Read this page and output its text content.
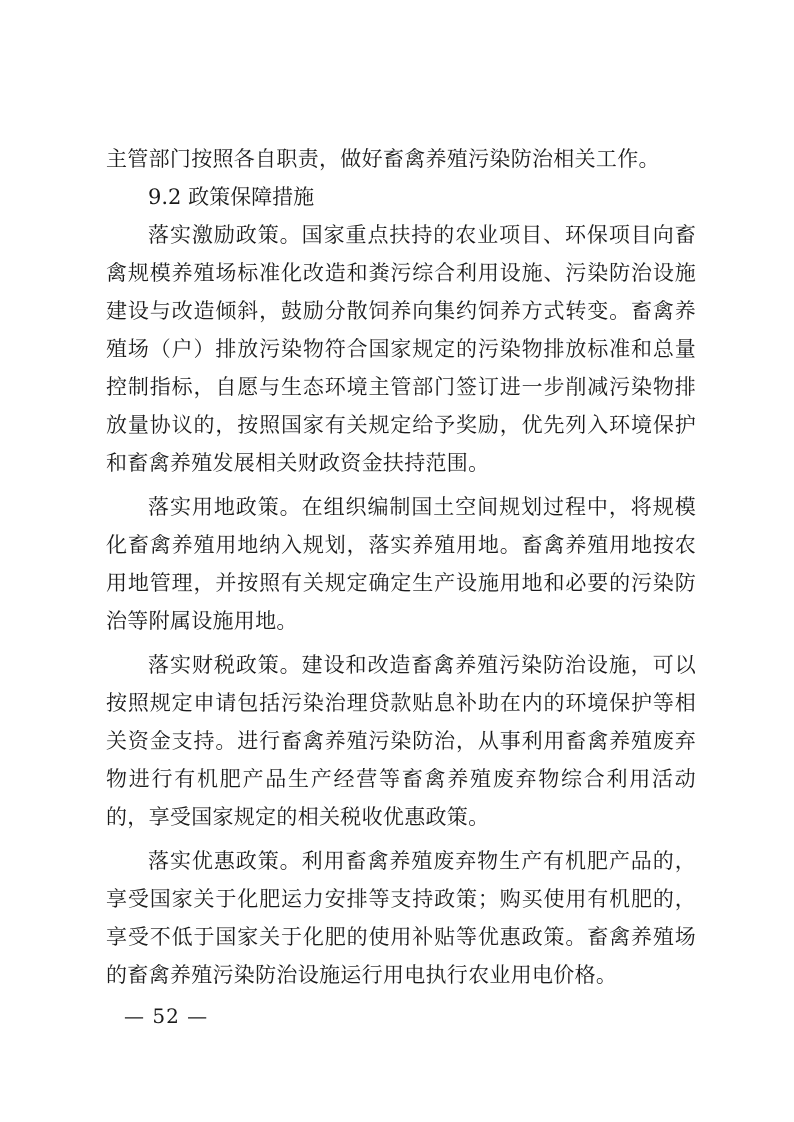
主管部门按照各自职责，做好畜禽养殖污染防治相关工作。

9.2 政策保障措施

落实激励政策。国家重点扶持的农业项目、环保项目向畜禽规模养殖场标准化改造和粪污综合利用设施、污染防治设施建设与改造倾斜，鼓励分散饲养向集约饲养方式转变。畜禽养殖场（户）排放污染物符合国家规定的污染物排放标准和总量控制指标，自愿与生态环境主管部门签订进一步削减污染物排放量协议的，按照国家有关规定给予奖励，优先列入环境保护和畜禽养殖发展相关财政资金扶持范围。

落实用地政策。在组织编制国土空间规划过程中，将规模化畜禽养殖用地纳入规划，落实养殖用地。畜禽养殖用地按农用地管理，并按照有关规定确定生产设施用地和必要的污染防治等附属设施用地。

落实财税政策。建设和改造畜禽养殖污染防治设施，可以按照规定申请包括污染治理贷款贴息补助在内的环境保护等相关资金支持。进行畜禽养殖污染防治，从事利用畜禽养殖废弃物进行有机肥产品生产经营等畜禽养殖废弃物综合利用活动的，享受国家规定的相关税收优惠政策。

落实优惠政策。利用畜禽养殖废弃物生产有机肥产品的，享受国家关于化肥运力安排等支持政策；购买使用有机肥的，享受不低于国家关于化肥的使用补贴等优惠政策。畜禽养殖场的畜禽养殖污染防治设施运行用电执行农业用电价格。

— 52 —
